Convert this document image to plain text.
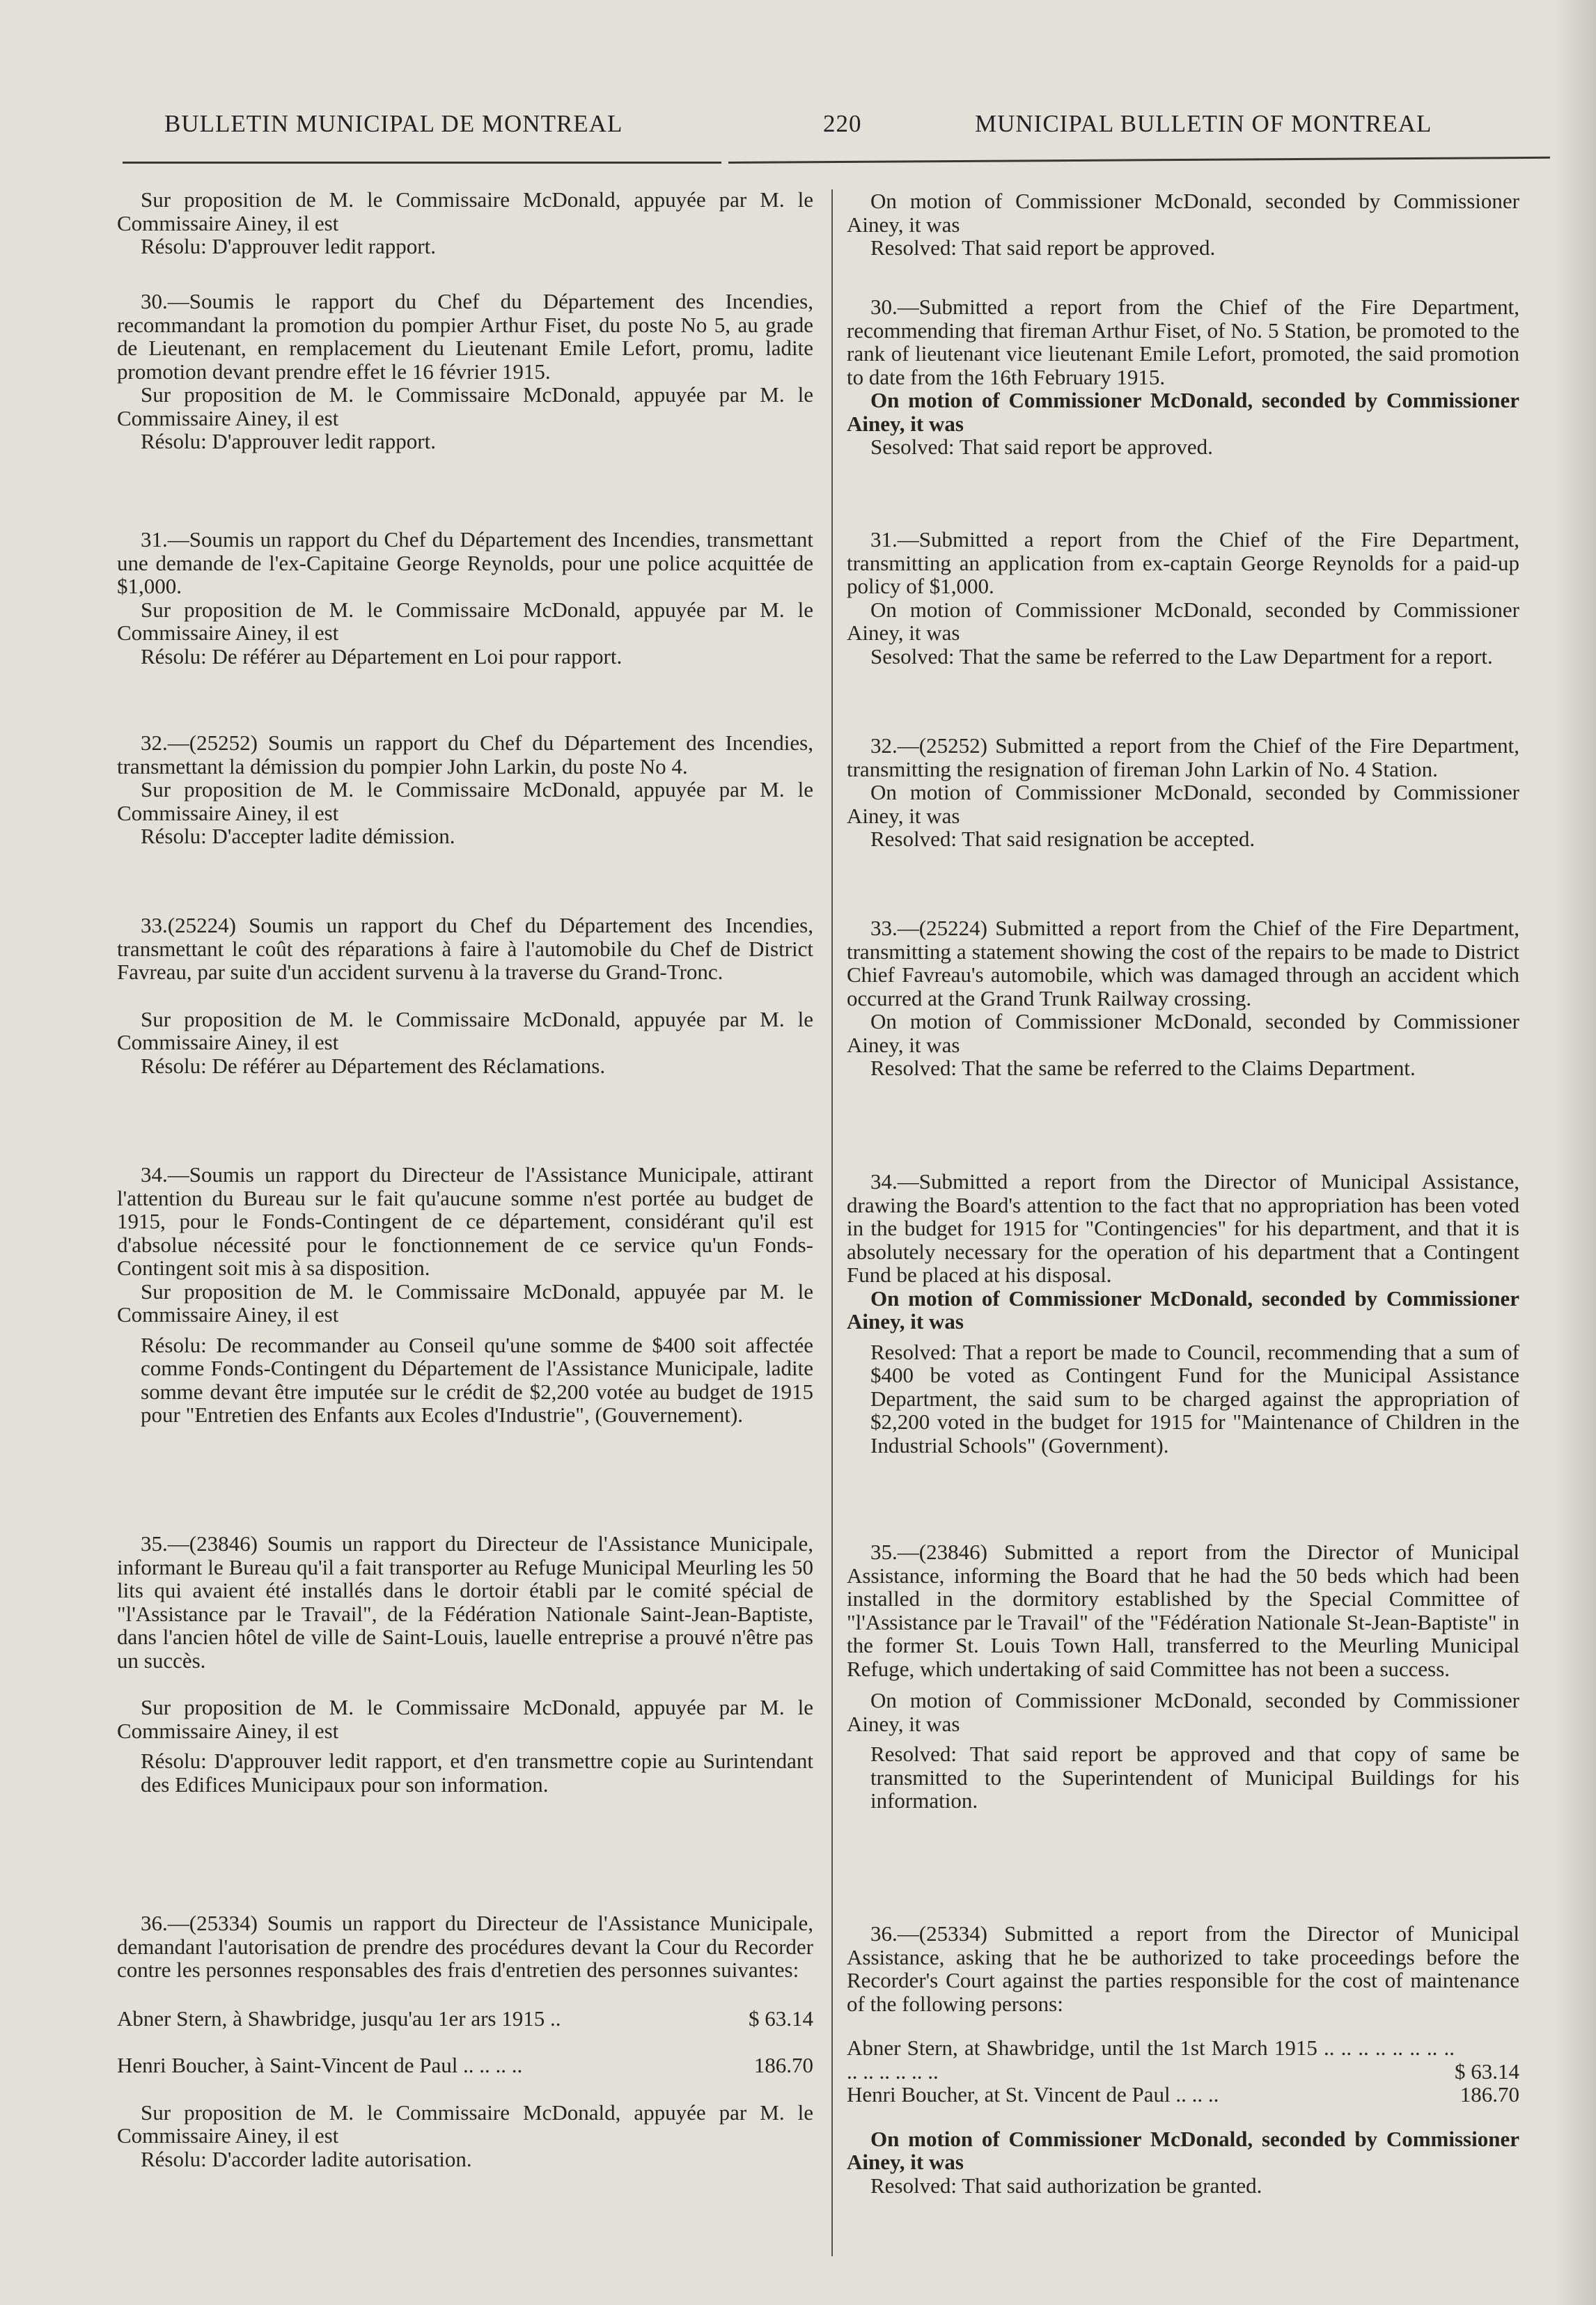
BULLETIN MUNICIPAL DE MONTREAL	220	MUNICIPAL BULLETIN OF MONTREAL

Sur proposition de M. le Commissaire McDonald, appuyée par M. le Commissaire Ainey, il est

Résolu: D'approuver ledit rapport.

30.—Soumis le rapport du Chef du Département des Incendies, recommandant la promotion du pompier Arthur Fiset, du poste No 5, au grade de Lieutenant, en remplacement du Lieutenant Emile Lefort, promu, ladite promotion devant prendre effet le 16 février 1915.

Sur proposition de M. le Commissaire McDonald, appuyée par M. le Commissaire Ainey, il est

Résolu: D'approuver ledit rapport.

31.—Soumis un rapport du Chef du Département des Incendies, transmettant une demande de l'ex-Capitaine George Reynolds, pour une police acquittée de $1,000.

Sur proposition de M. le Commissaire McDonald, appuyée par M. le Commissaire Ainey, il est

Résolu: De référer au Département en Loi pour rapport.

32.—(25252) Soumis un rapport du Chef du Département des Incendies, transmettant la démission du pompier John Larkin, du poste No 4.

Sur proposition de M. le Commissaire McDonald, appuyée par M. le Commissaire Ainey, il est

Résolu: D'accepter ladite démission.

33.(25224) Soumis un rapport du Chef du Département des Incendies, transmettant le coût des réparations à faire à l'automobile du Chef de District Favreau, par suite d'un accident survenu à la traverse du Grand-Tronc.

Sur proposition de M. le Commissaire McDonald, appuyée par M. le Commissaire Ainey, il est

Résolu: De référer au Département des Réclamations.

34.—Soumis un rapport du Directeur de l'Assistance Municipale, attirant l'attention du Bureau sur le fait qu'aucune somme n'est portée au budget de 1915, pour le Fonds-Contingent de ce département, considérant qu'il est d'absolue nécessité pour le fonctionnement de ce service qu'un Fonds-Contingent soit mis à sa disposition.

Sur proposition de M. le Commissaire McDonald, appuyée par M. le Commissaire Ainey, il est

Résolu: De recommander au Conseil qu'une somme de $400 soit affectée comme Fonds-Contingent du Département de l'Assistance Municipale, ladite somme devant être imputée sur le crédit de $2,200 votée au budget de 1915 pour "Entretien des Enfants aux Ecoles d'Industrie", (Gouvernement).

35.—(23846) Soumis un rapport du Directeur de l'Assistance Municipale, informant le Bureau qu'il a fait transporter au Refuge Municipal Meurling les 50 lits qui avaient été installés dans le dortoir établi par le comité spécial de "l'Assistance par le Travail", de la Fédération Nationale Saint-Jean-Baptiste, dans l'ancien hôtel de ville de Saint-Louis, lauelle entreprise a prouvé n'être pas un succès.

Sur proposition de M. le Commissaire McDonald, appuyée par M. le Commissaire Ainey, il est

Résolu: D'approuver ledit rapport, et d'en transmettre copie au Surintendant des Edifices Municipaux pour son information.

36.—(25334) Soumis un rapport du Directeur de l'Assistance Municipale, demandant l'autorisation de prendre des procédures devant la Cour du Recorder contre les personnes responsables des frais d'entretien des personnes suivantes:

Abner Stern, à Shawbridge, jusqu'au 1er ars 1915 ..	$ 63.14
Henri Boucher, à Saint-Vincent de Paul .. .. .. ..	186.70

Sur proposition de M. le Commissaire McDonald, appuyée par M. le Commissaire Ainey, il est

Résolu: D'accorder ladite autorisation.

On motion of Commissioner McDonald, seconded by Commissioner Ainey, it was

Resolved: That said report be approved.

30.—Submitted a report from the Chief of the Fire Department, recommending that fireman Arthur Fiset, of No. 5 Station, be promoted to the rank of lieutenant vice lieutenant Emile Lefort, promoted, the said promotion to date from the 16th February 1915.

On motion of Commissioner McDonald, seconded by Commissioner Ainey, it was

Sesolved: That said report be approved.

31.—Submitted a report from the Chief of the Fire Department, transmitting an application from ex-captain George Reynolds for a paid-up policy of $1,000.

On motion of Commissioner McDonald, seconded by Commissioner Ainey, it was

Sesolved: That the same be referred to the Law Department for a report.

32.—(25252) Submitted a report from the Chief of the Fire Department, transmitting the resignation of fireman John Larkin of No. 4 Station.

On motion of Commissioner McDonald, seconded by Commissioner Ainey, it was

Resolved: That said resignation be accepted.

33.—(25224) Submitted a report from the Chief of the Fire Department, transmitting a statement showing the cost of the repairs to be made to District Chief Favreau's automobile, which was damaged through an accident which occurred at the Grand Trunk Railway crossing.

On motion of Commissioner McDonald, seconded by Commissioner Ainey, it was

Resolved: That the same be referred to the Claims Department.

34.—Submitted a report from the Director of Municipal Assistance, drawing the Board's attention to the fact that no appropriation has been voted in the budget for 1915 for "Contingencies" for his department, and that it is absolutely necessary for the operation of his department that a Contingent Fund be placed at his disposal.

On motion of Commissioner McDonald, seconded by Commissioner Ainey, it was

Resolved: That a report be made to Council, recommending that a sum of $400 be voted as Contingent Fund for the Municipal Assistance Department, the said sum to be charged against the appropriation of $2,200 voted in the budget for 1915 for "Maintenance of Children in the Industrial Schools" (Government).

35.—(23846) Submitted a report from the Director of Municipal Assistance, informing the Board that he had the 50 beds which had been installed in the dormitory established by the Special Committee of "l'Assistance par le Travail" of the "Fédération Nationale St-Jean-Baptiste" in the former St. Louis Town Hall, transferred to the Meurling Municipal Refuge, which undertaking of said Committee has not been a success.

On motion of Commissioner McDonald, seconded by Commissioner Ainey, it was

Resolved: That said report be approved and that copy of same be transmitted to the Superintendent of Municipal Buildings for his information.

36.—(25334) Submitted a report from the Director of Municipal Assistance, asking that he be authorized to take proceedings before the Recorder's Court against the parties responsible for the cost of maintenance of the following persons:

Abner Stern, at Shawbridge, until the 1st March 1915 .. .. .. .. .. .. .. .. .. .. .. .. .. ..	$ 63.14
Henri Boucher, at St. Vincent de Paul .. .. ..	186.70

On motion of Commissioner McDonald, seconded by Commissioner Ainey, it was

Resolved: That said authorization be granted.
